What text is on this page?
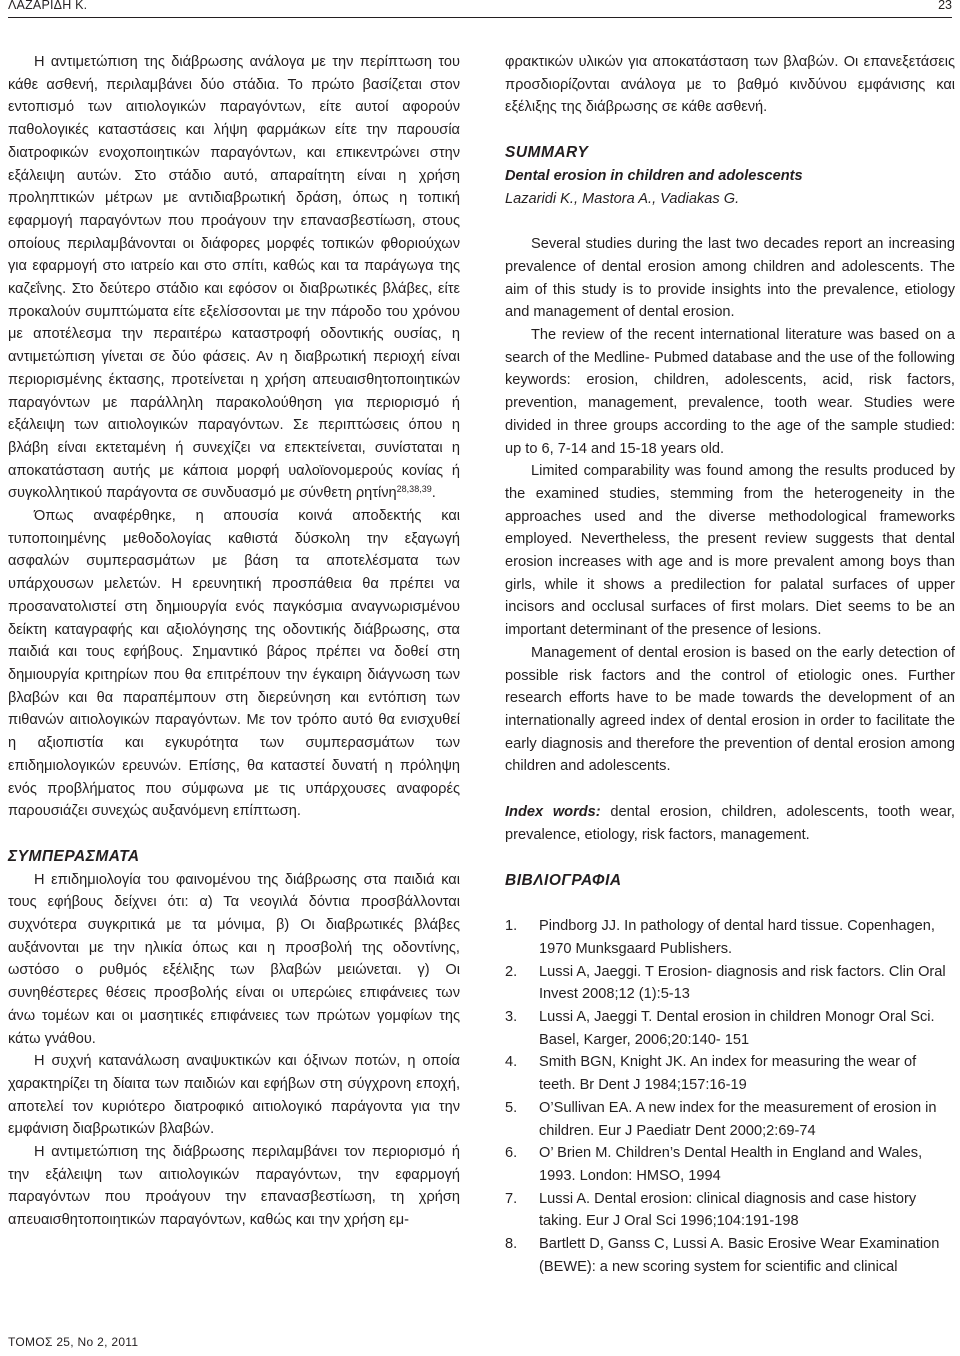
ΛΑΖΑΡΙΔΗ Κ.	23

Η αντιμετώπιση της διάβρωσης ανάλογα με την περίπτωση του κάθε ασθενή, περιλαμβάνει δύο στάδια. Το πρώτο βασίζεται στον εντοπισμό των αιτιολογικών παραγόντων, είτε αυτοί αφορούν παθολογικές καταστάσεις και λήψη φαρμάκων είτε την παρουσία διατροφικών ενοχοποιητικών παραγόντων, και επικεντρώνει στην εξάλειψη αυτών. Στο στάδιο αυτό, απαραίτητη είναι η χρήση προληπτικών μέτρων με αντιδιαβρωτική δράση, όπως η τοπική εφαρμογή παραγόντων που προάγουν την επανασβεστίωση, στους οποίους περιλαμβάνονται οι διάφορες μορφές τοπικών φθοριούχων για εφαρμογή στο ιατρείο και στο σπίτι, καθώς και τα παράγωγα της καζεΐνης. Στο δεύτερο στάδιο και εφόσον οι διαβρωτικές βλάβες, είτε προκαλούν συμπτώματα είτε εξελίσσονται με την πάροδο του χρόνου με αποτέλεσμα την περαιτέρω καταστροφή οδοντικής ουσίας, η αντιμετώπιση γίνεται σε δύο φάσεις. Αν η διαβρωτική περιοχή είναι περιορισμένης έκτασης, προτείνεται η χρήση απευαισθητοποιητικών παραγόντων με παράλληλη παρακολούθηση για περιορισμό ή εξάλειψη των αιτιολογικών παραγόντων. Σε περιπτώσεις όπου η βλάβη είναι εκτεταμένη ή συνεχίζει να επεκτείνεται, συνίσταται η αποκατάσταση αυτής με κάποια μορφή υαλοϊονομερούς κονίας ή συγκολλητικού παράγοντα σε συνδυασμό με σύνθετη ρητίνη$^{28,38,39}$.

Όπως αναφέρθηκε, η απουσία κοινά αποδεκτής και τυποποιημένης μεθοδολογίας καθιστά δύσκολη την εξαγωγή ασφαλών συμπερασμάτων με βάση τα αποτελέσματα των υπάρχουσων μελετών. Η ερευνητική προσπάθεια θα πρέπει να προσανατολιστεί στη δημιουργία ενός παγκόσμια αναγνωρισμένου δείκτη καταγραφής και αξιολόγησης της οδοντικής διάβρωσης, στα παιδιά και τους εφήβους. Σημαντικό βάρος πρέπει να δοθεί στη δημιουργία κριτηρίων που θα επιτρέπουν την έγκαιρη διάγνωση των βλαβών και θα παραπέμπουν στη διερεύνηση και εντόπιση των πιθανών αιτιολογικών παραγόντων. Με τον τρόπο αυτό θα ενισχυθεί η αξιοπιστία και εγκυρότητα των συμπερασμάτων των επιδημιολογικών ερευνών. Επίσης, θα καταστεί δυνατή η πρόληψη ενός προβλήματος που σύμφωνα με τις υπάρχουσες αναφορές παρουσιάζει συνεχώς αυξανόμενη επίπτωση.

ΣΥΜΠΕΡΑΣΜΑΤΑ

Η επιδημιολογία του φαινομένου της διάβρωσης στα παιδιά και τους εφήβους δείχνει ότι: α) Τα νεογιλά δόντια προσβάλλονται συχνότερα συγκριτικά με τα μόνιμα, β) Οι διαβρωτικές βλάβες αυξάνονται με την ηλικία όπως και η προσβολή της οδοντίνης, ωστόσο ο ρυθμός εξέλιξης των βλαβών μειώνεται. γ) Οι συνηθέστερες θέσεις προσβολής είναι οι υπερώιες επιφάνειες των άνω τομέων και οι μασητικές επιφάνειες των πρώτων γομφίων της κάτω γνάθου.

Η συχνή κατανάλωση αναψυκτικών και όξινων ποτών, η οποία χαρακτηρίζει τη δίαιτα των παιδιών και εφήβων στη σύγχρονη εποχή, αποτελεί τον κυριότερο διατροφικό αιτιολογικό παράγοντα για την εμφάνιση διαβρωτικών βλαβών.

Η αντιμετώπιση της διάβρωσης περιλαμβάνει τον περιορισμό ή την εξάλειψη των αιτιολογικών παραγόντων, την εφαρμογή παραγόντων που προάγουν την επανασβεστίωση, τη χρήση απευαισθητοποιητικών παραγόντων, καθώς και την χρήση εμ-

φρακτικών υλικών για αποκατάσταση των βλαβών. Οι επανεξετάσεις προσδιορίζονται ανάλογα με το βαθμό κινδύνου εμφάνισης και εξέλιξης της διάβρωσης σε κάθε ασθενή.

SUMMARY

Dental erosion in children and adolescents

Lazaridi K., Mastora A., Vadiakas G.

Several studies during the last two decades report an increasing prevalence of dental erosion among children and adolescents. The aim of this study is to provide insights into the prevalence, etiology and management of dental erosion.

The review of the recent international literature was based on a search of the Medline- Pubmed database and the use of the following keywords: erosion, children, adolescents, acid, risk factors, prevention, management, prevalence, tooth wear. Studies were divided in three groups according to the age of the sample studied: up to 6, 7-14 and 15-18 years old.

Limited comparability was found among the results produced by the examined studies, stemming from the heterogeneity in the approaches used and the diverse methodological frameworks employed. Nevertheless, the present review suggests that dental erosion increases with age and is more prevalent among boys than girls, while it shows a predilection for palatal surfaces of upper incisors and occlusal surfaces of first molars. Diet seems to be an important determinant of the presence of lesions.

Management of dental erosion is based on the early detection of possible risk factors and the control of etiologic ones. Further research efforts have to be made towards the development of an internationally agreed index of dental erosion in order to facilitate the early diagnosis and therefore the prevention of dental erosion among children and adolescents.

Index words: dental erosion, children, adolescents, tooth wear, prevalence, etiology, risk factors, management.

ΒΙΒΛΙΟΓΡΑΦΙΑ

1. Pindborg JJ. In pathology of dental hard tissue. Copenhagen, 1970 Munksgaard Publishers.
2. Lussi A, Jaeggi. T Erosion- diagnosis and risk factors. Clin Oral Invest 2008;12 (1):5-13
3. Lussi A, Jaeggi T. Dental erosion in children Monogr Oral Sci. Basel, Karger, 2006;20:140- 151
4. Smith BGN, Knight JK. An index for measuring the wear of teeth. Br Dent J 1984;157:16-19
5. O’Sullivan EA. A new index for the measurement of erosion in children. Eur J Paediatr Dent 2000;2:69-74
6. O’ Brien M. Children’s Dental Health in England and Wales, 1993. London: HMSO, 1994
7. Lussi A. Dental erosion: clinical diagnosis and case history taking. Eur J Oral Sci 1996;104:191-198
8. Bartlett D, Ganss C, Lussi A. Basic Erosive Wear Examination (BEWE): a new scoring system for scientific and clinical
ΤΟΜΟΣ 25, No 2, 2011
